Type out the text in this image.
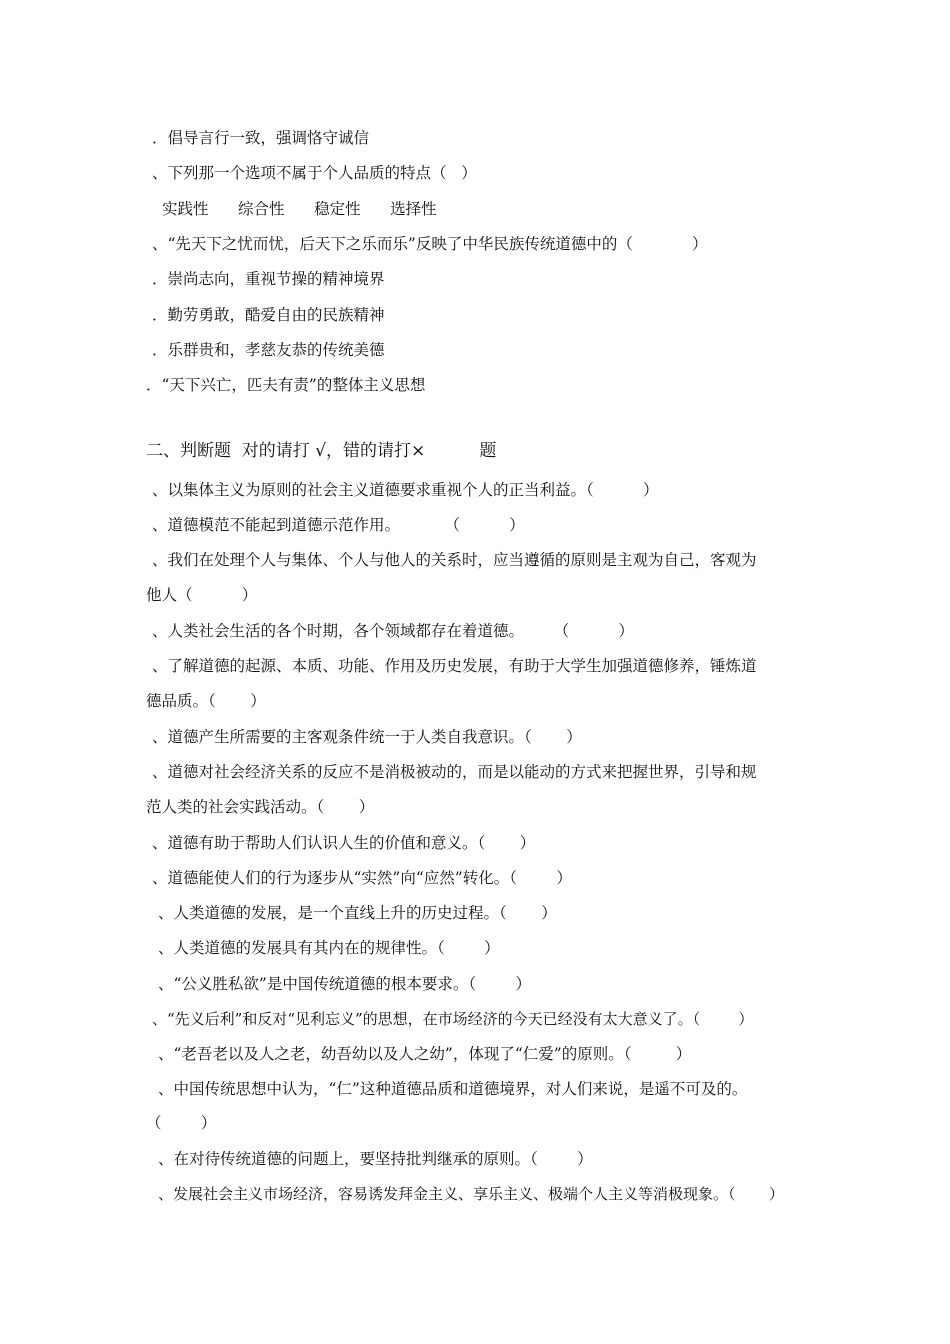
．倡导言行一致，强调恪守诚信
、下列那一个选项不属于个人品质的特点（   ）
实践性      综合性      稳定性      选择性
、“先天下之忧而忧，后天下之乐而乐”反映了中华民族传统道德中的（            ）
．崇尚志向，重视节操的精神境界
．勤劳勇敢，酷爱自由的民族精神
．乐群贵和，孝慈友恭的传统美德
．“天下兴亡，匹夫有责”的整体主义思想
二、判断题  对的请打 √，错的请打×          题
、以集体主义为原则的社会主义道德要求重视个人的正当利益。（          ）
、道德模范不能起到道德示范作用。         （          ）
、我们在处理个人与集体、个人与他人的关系时，应当遵循的原则是主观为自己，客观为
他人（          ）
、人类社会生活的各个时期，各个领域都存在着道德。      （          ）
、了解道德的起源、本质、功能、作用及历史发展，有助于大学生加强道德修养，锤炼道
德品质。（       ）
、道德产生所需要的主客观条件统一于人类自我意识。（       ）
、道德对社会经济关系的反应不是消极被动的，而是以能动的方式来把握世界，引导和规
范人类的社会实践活动。（       ）
、道德有助于帮助人们认识人生的价值和意义。（       ）
、道德能使人们的行为逐步从“实然”向“应然”转化。（        ）
、人类道德的发展，是一个直线上升的历史过程。（       ）
、人类道德的发展具有其内在的规律性。（        ）
、“公义胜私欲”是中国传统道德的根本要求。（        ）
、“先义后利”和反对“见利忘义”的思想，在市场经济的今天已经没有太大意义了。（        ）
、“老吾老以及人之老，幼吾幼以及人之幼”，体现了“仁爱”的原则。（         ）
、中国传统思想中认为，“仁”这种道德品质和道德境界，对人们来说，是遥不可及的。
（        ）
、在对待传统道德的问题上，要坚持批判继承的原则。（        ）
、发展社会主义市场经济，容易诱发拜金主义、享乐主义、极端个人主义等消极现象。（       ）
